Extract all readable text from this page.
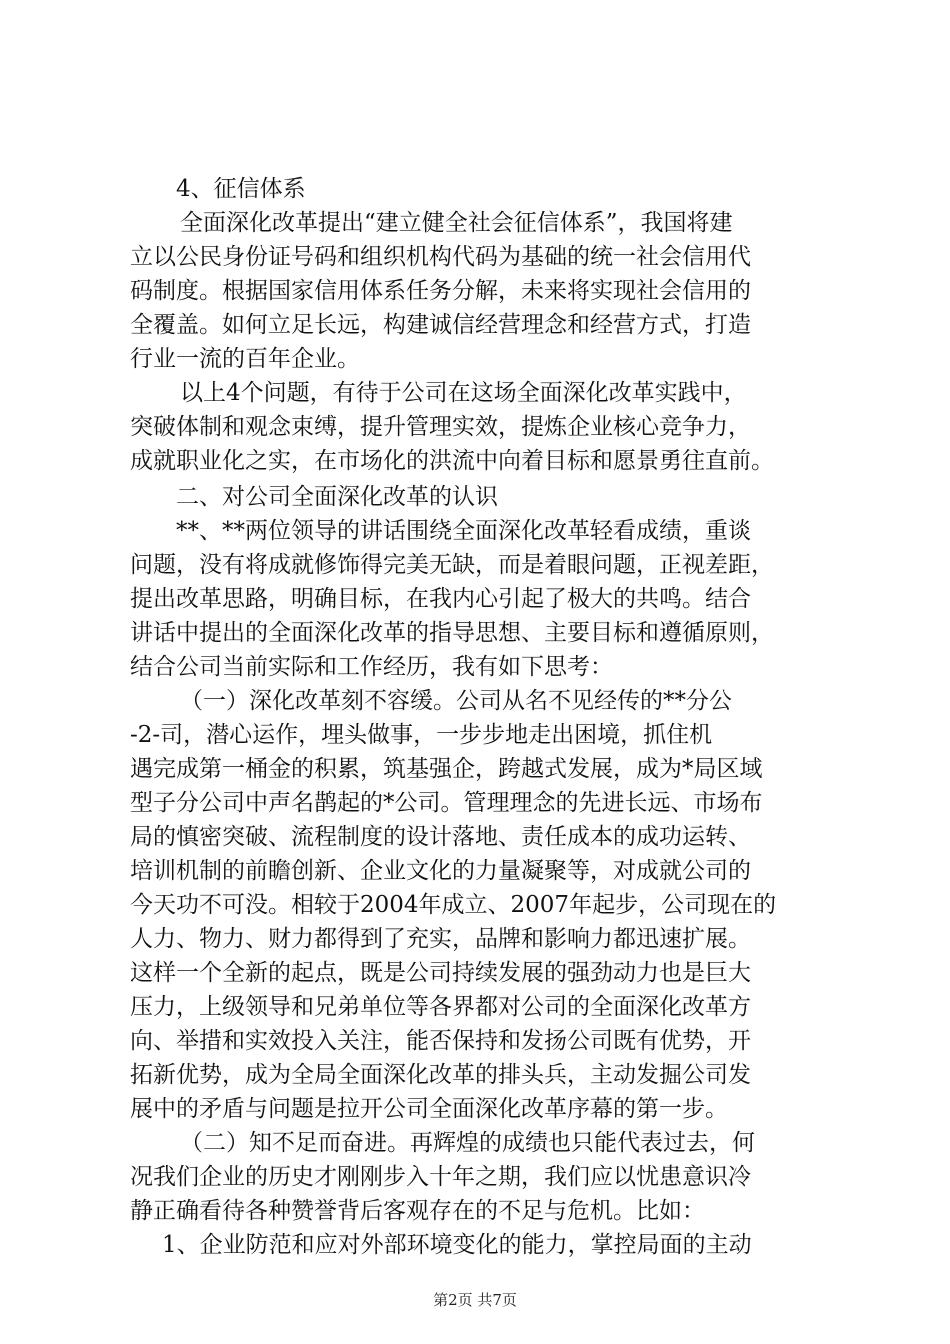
4、征信体系
全面深化改革提出“建立健全社会征信体系”，我国将建
立以公民身份证号码和组织机构代码为基础的统一社会信用代
码制度。根据国家信用体系任务分解，未来将实现社会信用的
全覆盖。如何立足长远，构建诚信经营理念和经营方式，打造
行业一流的百年企业。
以上4个问题，有待于公司在这场全面深化改革实践中，
突破体制和观念束缚，提升管理实效，提炼企业核心竞争力，
成就职业化之实，在市场化的洪流中向着目标和愿景勇往直前。
二、对公司全面深化改革的认识
**、**两位领导的讲话围绕全面深化改革轻看成绩，重谈
问题，没有将成就修饰得完美无缺，而是着眼问题，正视差距，
提出改革思路，明确目标，在我内心引起了极大的共鸣。结合
讲话中提出的全面深化改革的指导思想、主要目标和遵循原则，
结合公司当前实际和工作经历，我有如下思考：
（一）深化改革刻不容缓。公司从名不见经传的**分公
-2-司，潜心运作，埋头做事，一步步地走出困境，抓住机
遇完成第一桶金的积累，筑基强企，跨越式发展，成为*局区域
型子分公司中声名鹊起的*公司。管理理念的先进长远、市场布
局的慎密突破、流程制度的设计落地、责任成本的成功运转、
培训机制的前瞻创新、企业文化的力量凝聚等，对成就公司的
今天功不可没。相较于2004年成立、2007年起步，公司现在的
人力、物力、财力都得到了充实，品牌和影响力都迅速扩展。
这样一个全新的起点，既是公司持续发展的强劲动力也是巨大
压力，上级领导和兄弟单位等各界都对公司的全面深化改革方
向、举措和实效投入关注，能否保持和发扬公司既有优势，开
拓新优势，成为全局全面深化改革的排头兵，主动发掘公司发
展中的矛盾与问题是拉开公司全面深化改革序幕的第一步。
（二）知不足而奋进。再辉煌的成绩也只能代表过去，何
况我们企业的历史才刚刚步入十年之期，我们应以忧患意识冷
静正确看待各种赞誉背后客观存在的不足与危机。比如：
1、企业防范和应对外部环境变化的能力，掌控局面的主动
第2页 共7页
